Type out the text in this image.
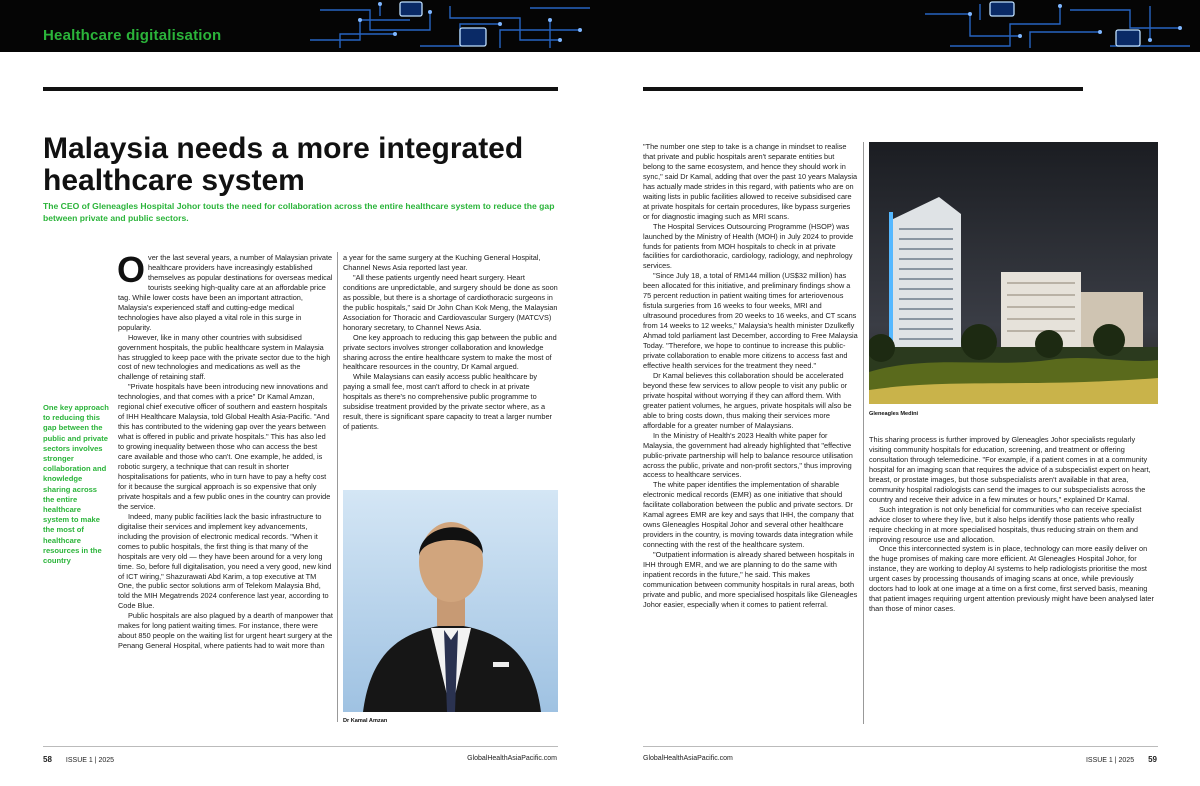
Healthcare digitalisation
Malaysia needs a more integrated healthcare system
The CEO of Gleneagles Hospital Johor touts the need for collaboration across the entire healthcare system to reduce the gap between private and public sectors.
One key approach to reducing this gap between the public and private sectors involves stronger collaboration and knowledge sharing across the entire healthcare system to make the most of healthcare resources in the country

Over the last several years, a number of Malaysian private healthcare providers have increasingly established themselves as popular destinations for overseas medical tourists seeking high-quality care at an affordable price tag. While lower costs have been an important attraction, Malaysia's experienced staff and cutting-edge medical technologies have also played a vital role in this surge in popularity.

However, like in many other countries with subsidised government hospitals, the public healthcare system in Malaysia has struggled to keep pace with the private sector due to the high cost of new technologies and medications as well as the challenge of retaining staff.

"Private hospitals have been introducing new innovations and technologies, and that comes with a price" Dr Kamal Amzan, regional chief executive officer of southern and eastern hospitals of IHH Healthcare Malaysia, told Global Health Asia-Pacific. "And this has contributed to the widening gap over the years between what is offered in public and private hospitals." This has also led to growing inequality between those who can access the best care available and those who can't. One example, he added, is robotic surgery, a technique that can result in shorter hospitalisations for patients, who in turn have to pay a hefty cost for it because the surgical approach is so expensive that only private hospitals and a few public ones in the country can provide the service.

Indeed, many public facilities lack the basic infrastructure to digitalise their services and implement key advancements, including the provision of electronic medical records. "When it comes to public hospitals, the first thing is that many of the hospitals are very old — they have been around for a very long time. So, before full digitalisation, you need a very good, new kind of ICT wiring," Shazurawati Abd Karim, a top executive at TM One, the public sector solutions arm of Telekom Malaysia Bhd, told the MIH Megatrends 2024 conference last year, according to Code Blue.

Public hospitals are also plagued by a dearth of manpower that makes for long patient waiting times. For instance, there were about 850 people on the waiting list for urgent heart surgery at the Penang General Hospital, where patients had to wait more than

a year for the same surgery at the Kuching General Hospital, Channel News Asia reported last year.

"All these patients urgently need heart surgery. Heart conditions are unpredictable, and surgery should be done as soon as possible, but there is a shortage of cardiothoracic surgeons in the public hospitals," said Dr John Chan Kok Meng, the Malaysian Association for Thoracic and Cardiovascular Surgery (MATCVS) honorary secretary, to Channel News Asia.

One key approach to reducing this gap between the public and private sectors involves stronger collaboration and knowledge sharing across the entire healthcare system to make the most of healthcare resources in the country, Dr Kamal argued.

While Malaysians can easily access public healthcare by paying a small fee, most can't afford to check in at private hospitals as there's no comprehensive public programme to subsidise treatment provided by the private sector where, as a result, there is significant spare capacity to treat a larger number of patients.

Dr Kamal Amzan
58 ISSUE 1 | 2025	GlobalHealthAsiaPacific.com

"The number one step to take is a change in mindset to realise that private and public hospitals aren't separate entities but belong to the same ecosystem, and hence they should work in sync," said Dr Kamal, adding that over the past 10 years Malaysia has actually made strides in this regard, with patients who are on waiting lists in public facilities allowed to receive subsidised care at private hospitals for certain procedures, like bypass surgeries or for diagnostic imaging such as MRI scans.

The Hospital Services Outsourcing Programme (HSOP) was launched by the Ministry of Health (MOH) in July 2024 to provide funds for patients from MOH hospitals to check in at private facilities for cardiothoracic, cardiology, radiology, and nephrology services.

"Since July 18, a total of RM144 million (US$32 million) has been allocated for this initiative, and preliminary findings show a 75 percent reduction in patient waiting times for arteriovenous fistula surgeries from 16 weeks to four weeks, MRI and ultrasound procedures from 20 weeks to 16 weeks, and CT scans from 14 weeks to 12 weeks," Malaysia's health minister Dzulkefly Ahmad told parliament last December, according to Free Malaysia Today. "Therefore, we hope to continue to increase this public-private collaboration to enable more citizens to access fast and effective health services for the treatment they need."

Dr Kamal believes this collaboration should be accelerated beyond these few services to allow people to visit any public or private hospital without worrying if they can afford them. With greater patient volumes, he argues, private hospitals will also be able to bring costs down, thus making their services more affordable for a greater number of Malaysians.

In the Ministry of Health's 2023 Health white paper for Malaysia, the government had already highlighted that "effective public-private partnership will help to balance resource utilisation across the public, private and non-profit sectors," thus improving access to healthcare services.

The white paper identifies the implementation of sharable electronic medical records (EMR) as one initiative that should facilitate collaboration between the public and private sectors. Dr Kamal agrees EMR are key and says that IHH, the company that owns Gleneagles Hospital Johor and several other healthcare providers in the country, is moving towards data integration while connecting with the rest of the healthcare system.

"Outpatient information is already shared between hospitals in IHH through EMR, and we are planning to do the same with inpatient records in the future," he said. This makes communication between community hospitals in rural areas, both private and public, and more specialised hospitals like Gleneagles Johor easier, especially when it comes to patient referral.

Gleneagles Medini

This sharing process is further improved by Gleneagles Johor specialists regularly visiting community hospitals for education, screening, and treatment or offering consultation through telemedicine. "For example, if a patient comes in at a community hospital for an imaging scan that requires the advice of a subspecialist expert on heart, breast, or prostate images, but those subspecialists aren't available in that area, community hospital radiologists can send the images to our subspecialists across the country and receive their advice in a few minutes or hours," explained Dr Kamal.

Such integration is not only beneficial for communities who can receive specialist advice closer to where they live, but it also helps identify those patients who really require checking in at more specialised hospitals, thus reducing strain on them and improving resource use and allocation.

Once this interconnected system is in place, technology can more easily deliver on the huge promises of making care more efficient. At Gleneagles Hospital Johor, for instance, they are working to deploy AI systems to help radiologists prioritise the most urgent cases by processing thousands of imaging scans at once, while previously doctors had to look at one image at a time on a first come, first served basis, meaning that patient images requiring urgent attention previously might have been analysed later than those of minor cases.

GlobalHealthAsiaPacific.com	ISSUE 1 | 2025 59
